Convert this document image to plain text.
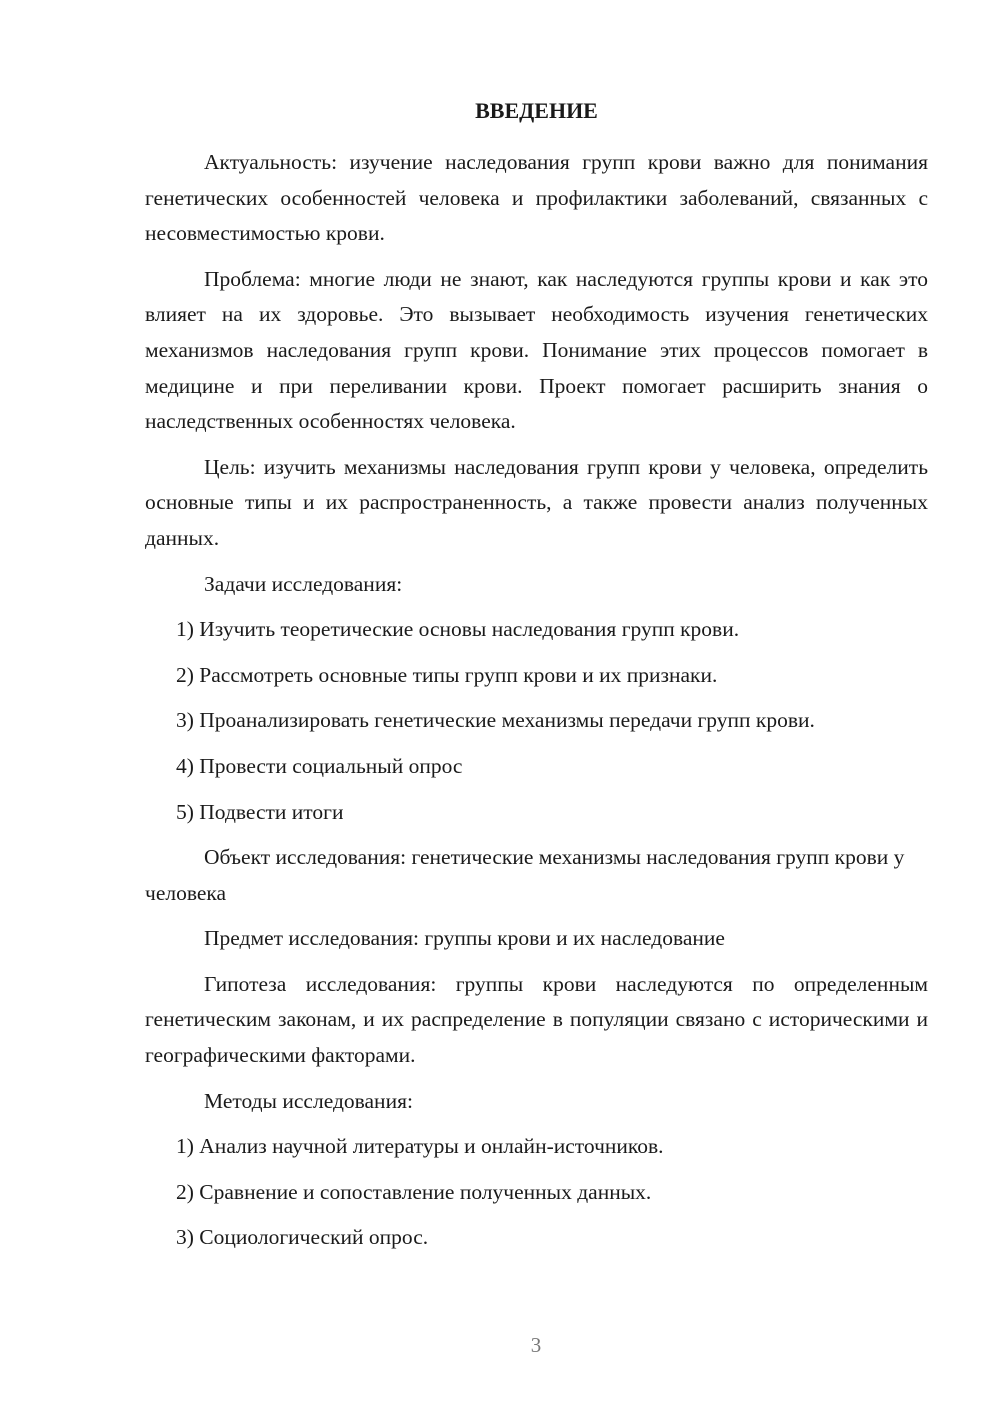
ВВЕДЕНИЕ

Актуальность: изучение наследования групп крови важно для понимания генетических особенностей человека и профилактики заболеваний, связанных с несовместимостью крови.

Проблема: многие люди не знают, как наследуются группы крови и как это влияет на их здоровье. Это вызывает необходимость изучения генетических механизмов наследования групп крови. Понимание этих процессов помогает в медицине и при переливании крови. Проект помогает расширить знания о наследственных особенностях человека.

Цель: изучить механизмы наследования групп крови у человека, определить основные типы и их распространенность, а также провести анализ полученных данных.

Задачи исследования:
1) Изучить теоретические основы наследования групп крови.
2) Рассмотреть основные типы групп крови и их признаки.
3) Проанализировать генетические механизмы передачи групп крови.
4) Провести социальный опрос
5) Подвести итоги

Объект исследования: генетические механизмы наследования групп крови у человека

Предмет исследования: группы крови и их наследование

Гипотеза исследования: группы крови наследуются по определенным генетическим законам, и их распределение в популяции связано с историческими и географическими факторами.

Методы исследования:
1) Анализ научной литературы и онлайн-источников.
2) Сравнение и сопоставление полученных данных.
3) Социологический опрос.
3
